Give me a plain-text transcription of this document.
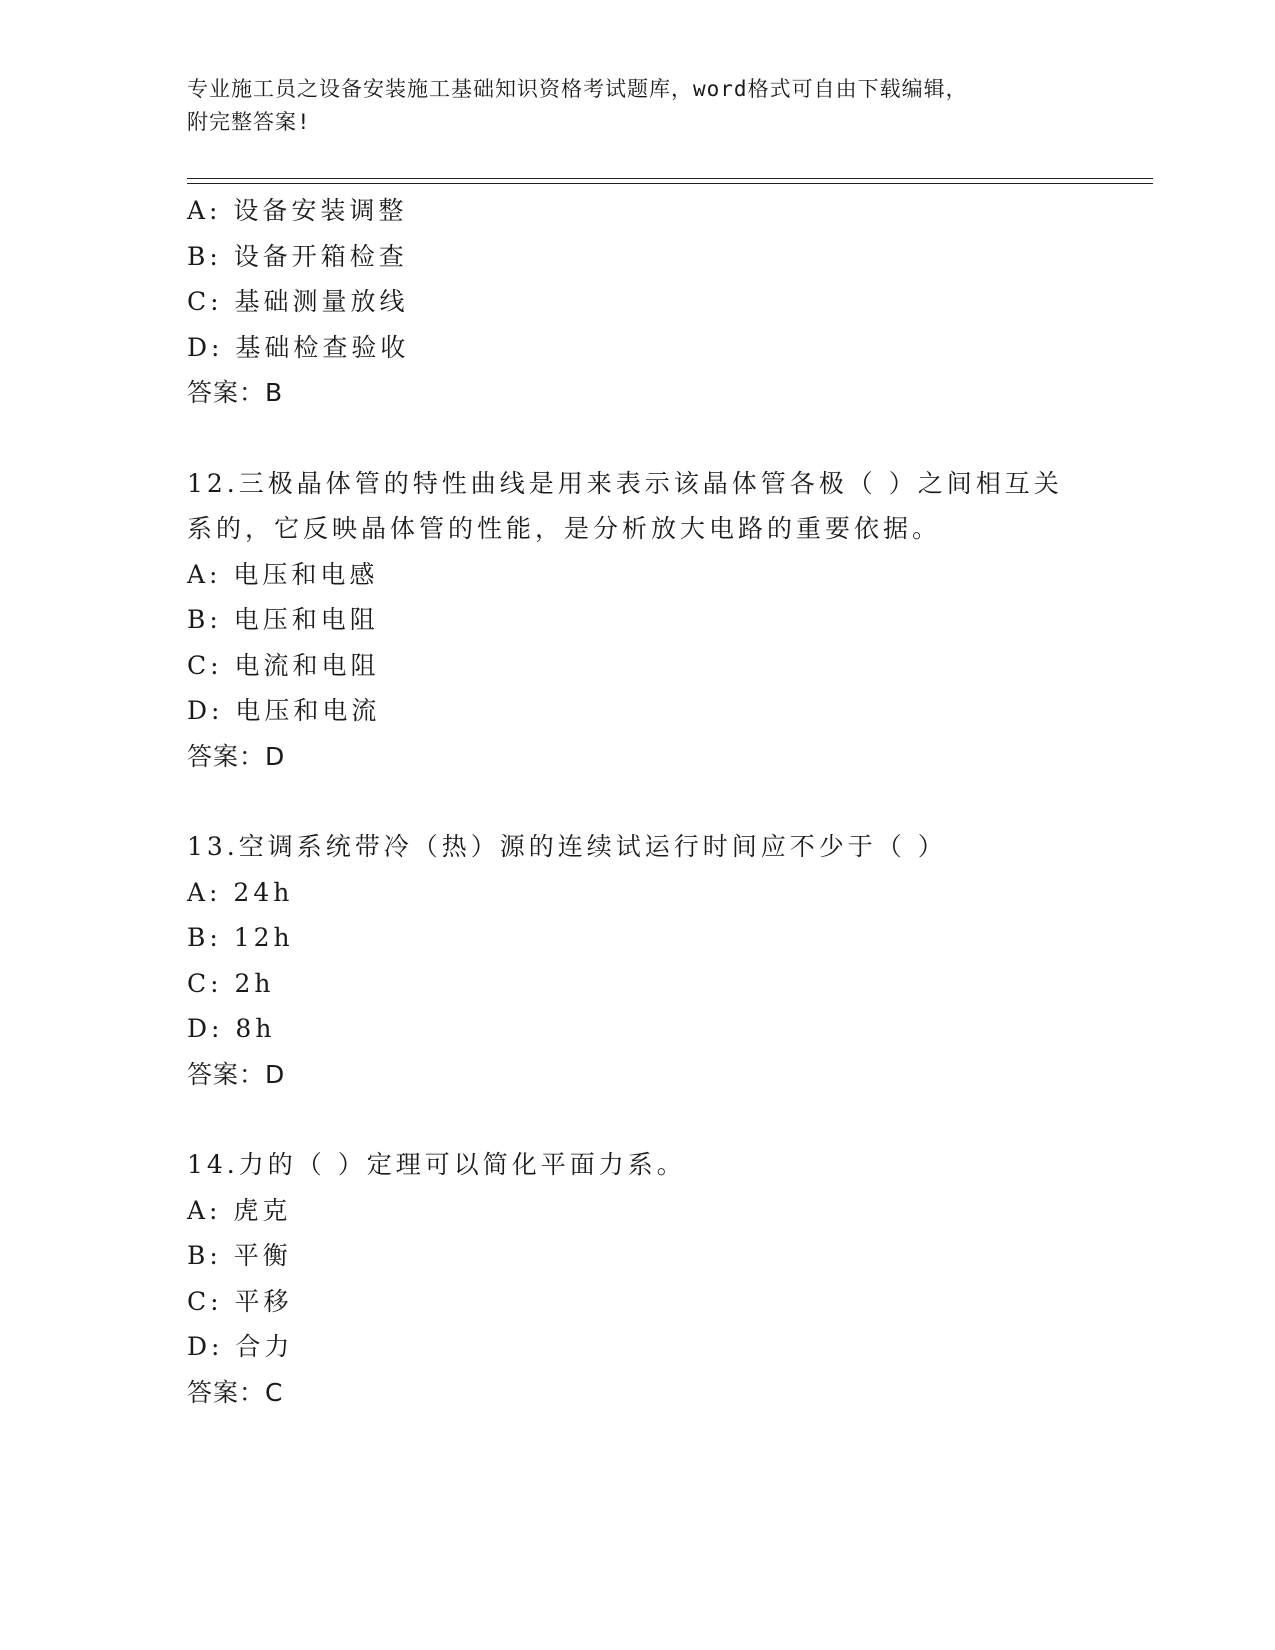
专业施工员之设备安装施工基础知识资格考试题库，word格式可自由下载编辑，
附完整答案!
A: 设备安装调整
B: 设备开箱检查
C: 基础测量放线
D: 基础检查验收
答案：B
12.三极晶体管的特性曲线是用来表示该晶体管各极（ ）之间相互关
系的，它反映晶体管的性能，是分析放大电路的重要依据。
A: 电压和电感
B: 电压和电阻
C: 电流和电阻
D: 电压和电流
答案：D
13.空调系统带冷（热）源的连续试运行时间应不少于（ ）
A: 24h
B: 12h
C: 2h
D: 8h
答案：D
14.力的（ ）定理可以简化平面力系。
A: 虎克
B: 平衡
C: 平移
D: 合力
答案：C
